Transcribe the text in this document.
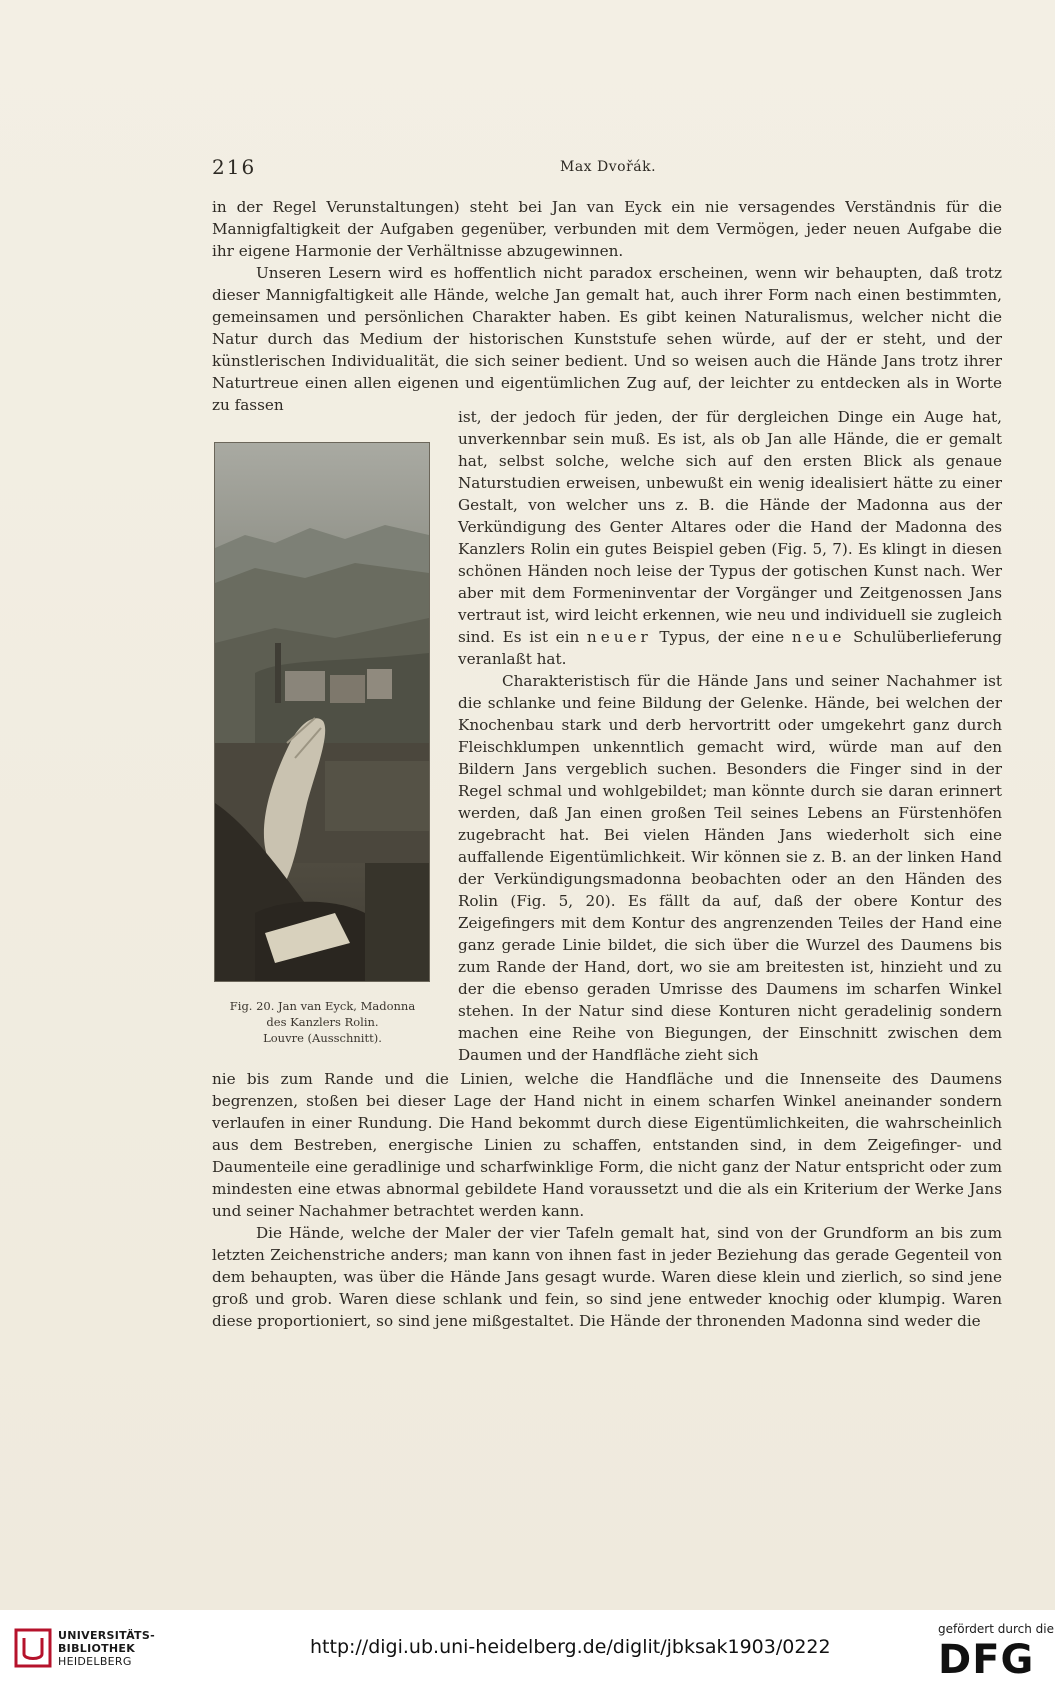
216	Max Dvořák.

in der Regel Verunstaltungen) steht bei Jan van Eyck ein nie versagendes Verständnis für die Mannigfaltigkeit der Aufgaben gegenüber, verbunden mit dem Vermögen, jeder neuen Aufgabe die ihr eigene Harmonie der Verhältnisse abzugewinnen.

Unseren Lesern wird es hoffentlich nicht paradox erscheinen, wenn wir behaupten, daß trotz dieser Mannigfaltigkeit alle Hände, welche Jan gemalt hat, auch ihrer Form nach einen bestimmten, gemeinsamen und persönlichen Charakter haben. Es gibt keinen Naturalismus, welcher nicht die Natur durch das Medium der historischen Kunststufe sehen würde, auf der er steht, und der künstlerischen Individualität, die sich seiner bedient. Und so weisen auch die Hände Jans trotz ihrer Naturtreue einen allen eigenen und eigentümlichen Zug auf, der leichter zu entdecken als in Worte zu fassen

Fig. 20. Jan van Eyck, Madonna
des Kanzlers Rolin.
Louvre (Ausschnitt).

ist, der jedoch für jeden, der für dergleichen Dinge ein Auge hat, unverkennbar sein muß. Es ist, als ob Jan alle Hände, die er gemalt hat, selbst solche, welche sich auf den ersten Blick als genaue Naturstudien erweisen, unbewußt ein wenig idealisiert hätte zu einer Gestalt, von welcher uns z. B. die Hände der Madonna aus der Verkündigung des Genter Altares oder die Hand der Madonna des Kanzlers Rolin ein gutes Beispiel geben (Fig. 5, 7). Es klingt in diesen schönen Händen noch leise der Typus der gotischen Kunst nach. Wer aber mit dem Formeninventar der Vorgänger und Zeitgenossen Jans vertraut ist, wird leicht erkennen, wie neu und individuell sie zugleich sind. Es ist ein neuer Typus, der eine neue Schulüberlieferung veranlaßt hat.

Charakteristisch für die Hände Jans und seiner Nachahmer ist die schlanke und feine Bildung der Gelenke. Hände, bei welchen der Knochenbau stark und derb hervortritt oder umgekehrt ganz durch Fleischklumpen unkenntlich gemacht wird, würde man auf den Bildern Jans vergeblich suchen. Besonders die Finger sind in der Regel schmal und wohlgebildet; man könnte durch sie daran erinnert werden, daß Jan einen großen Teil seines Lebens an Fürstenhöfen zugebracht hat. Bei vielen Händen Jans wiederholt sich eine auffallende Eigentümlichkeit. Wir können sie z. B. an der linken Hand der Verkündigungsmadonna beobachten oder an den Händen des Rolin (Fig. 5, 20). Es fällt da auf, daß der obere Kontur des Zeigefingers mit dem Kontur des angrenzenden Teiles der Hand eine ganz gerade Linie bildet, die sich über die Wurzel des Daumens bis zum Rande der Hand, dort, wo sie am breitesten ist, hinzieht und zu der die ebenso geraden Umrisse des Daumens im scharfen Winkel stehen. In der Natur sind diese Konturen nicht geradelinig sondern machen eine Reihe von Biegungen, der Einschnitt zwischen dem Daumen und der Handfläche zieht sich

nie bis zum Rande und die Linien, welche die Handfläche und die Innenseite des Daumens begrenzen, stoßen bei dieser Lage der Hand nicht in einem scharfen Winkel aneinander sondern verlaufen in einer Rundung. Die Hand bekommt durch diese Eigentümlichkeiten, die wahrscheinlich aus dem Bestreben, energische Linien zu schaffen, entstanden sind, in dem Zeigefinger- und Daumenteile eine geradlinige und scharfwinklige Form, die nicht ganz der Natur entspricht oder zum mindesten eine etwas abnormal gebildete Hand voraussetzt und die als ein Kriterium der Werke Jans und seiner Nachahmer betrachtet werden kann.

Die Hände, welche der Maler der vier Tafeln gemalt hat, sind von der Grundform an bis zum letzten Zeichenstriche anders; man kann von ihnen fast in jeder Beziehung das gerade Gegenteil von dem behaupten, was über die Hände Jans gesagt wurde. Waren diese klein und zierlich, so sind jene groß und grob. Waren diese schlank und fein, so sind jene entweder knochig oder klumpig. Waren diese proportioniert, so sind jene mißgestaltet. Die Hände der thronenden Madonna sind weder die

UNIVERSITÄTS-
BIBLIOTHEK
HEIDELBERG
http://digi.ub.uni-heidelberg.de/diglit/jbksak1903/0222
gefördert durch die
DFG
